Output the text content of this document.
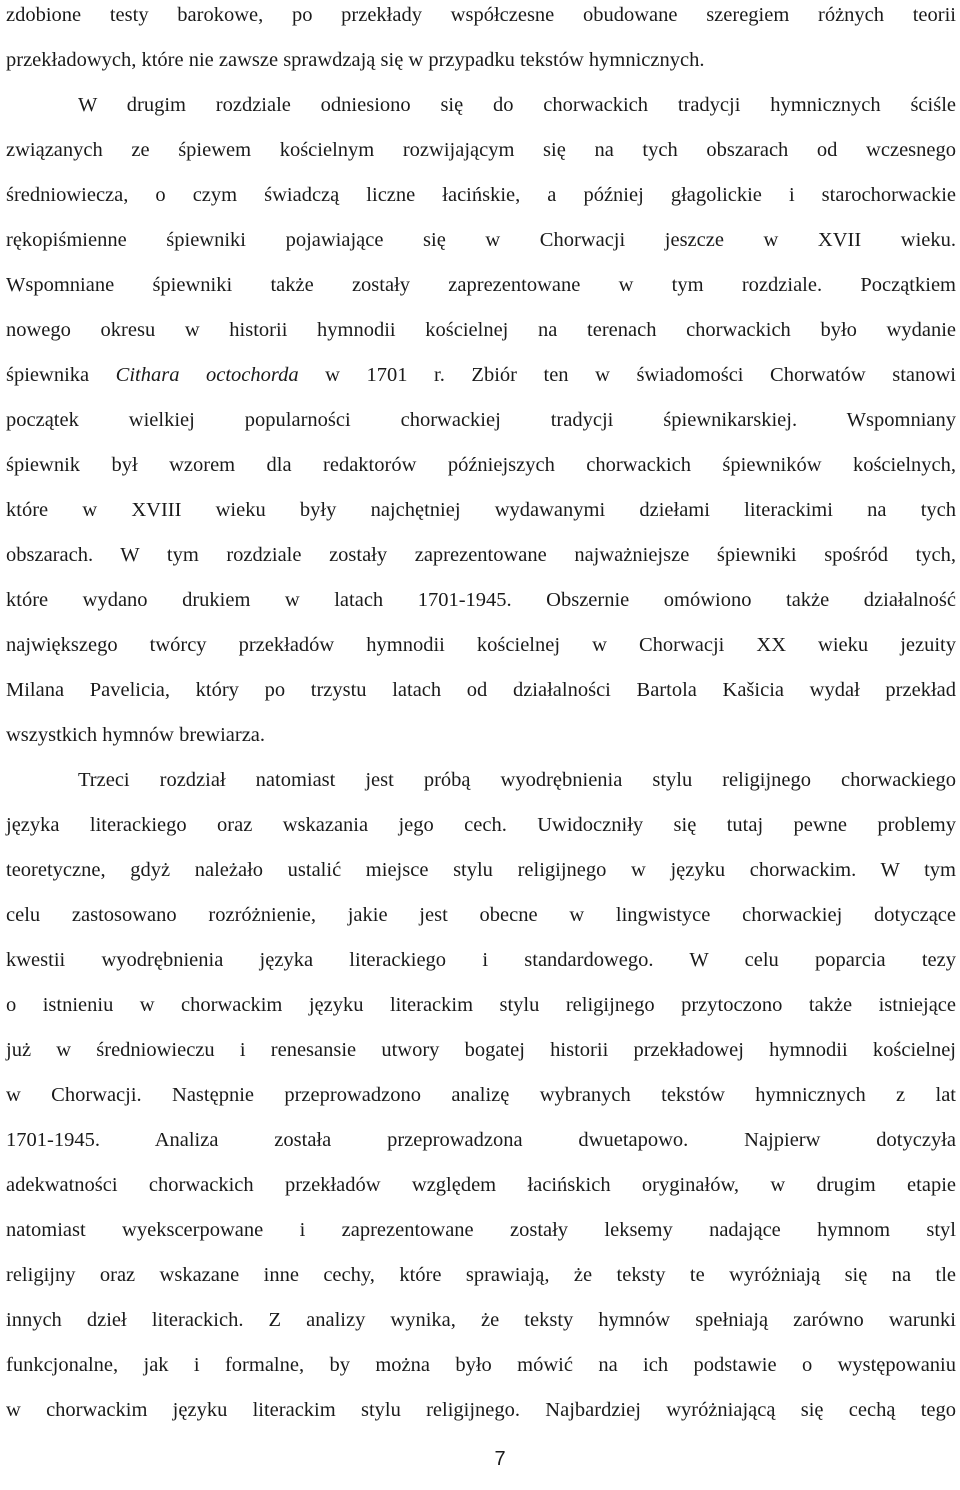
zdobione testy barokowe, po przekłady współczesne obudowane szeregiem różnych teorii
przekładowych, które nie zawsze sprawdzają się w przypadku tekstów hymnicznych.
W drugim rozdziale odniesiono się do chorwackich tradycji hymnicznych ściśle
związanych ze śpiewem kościelnym rozwijającym się na tych obszarach od wczesnego
średniowiecza, o czym świadczą liczne łacińskie, a później głagolickie i starochorwackie
rękopiśmienne śpiewniki pojawiające się w Chorwacji jeszcze w XVII wieku.
Wspomniane śpiewniki także zostały zaprezentowane w tym rozdziale. Początkiem
nowego okresu w historii hymnodii kościelnej na terenach chorwackich było wydanie
śpiewnika Cithara octochorda w 1701 r. Zbiór ten w świadomości Chorwatów stanowi
początek wielkiej popularności chorwackiej tradycji śpiewnikarskiej. Wspomniany
śpiewnik był wzorem dla redaktorów późniejszych chorwackich śpiewników kościelnych,
które w XVIII wieku były najchętniej wydawanymi dziełami literackimi na tych
obszarach. W tym rozdziale zostały zaprezentowane najważniejsze śpiewniki spośród tych,
które wydano drukiem w latach 1701-1945. Obszernie omówiono także działalność
największego twórcy przekładów hymnodii kościelnej w Chorwacji XX wieku jezuity
Milana Pavelicia, który po trzystu latach od działalności Bartola Kašicia wydał przekład
wszystkich hymnów brewiarza.
Trzeci rozdział natomiast jest próbą wyodrębnienia stylu religijnego chorwackiego
języka literackiego oraz wskazania jego cech. Uwidoczniły się tutaj pewne problemy
teoretyczne, gdyż należało ustalić miejsce stylu religijnego w języku chorwackim. W tym
celu zastosowano rozróżnienie, jakie jest obecne w lingwistyce chorwackiej dotyczące
kwestii wyodrębnienia języka literackiego i standardowego. W celu poparcia tezy
o istnieniu w chorwackim języku literackim stylu religijnego przytoczono także istniejące
już w średniowieczu i renesansie utwory bogatej historii przekładowej hymnodii kościelnej
w Chorwacji. Następnie przeprowadzono analizę wybranych tekstów hymnicznych z lat
1701-1945. Analiza została przeprowadzona dwuetapowo. Najpierw dotyczyła
adekwatności chorwackich przekładów względem łacińskich oryginałów, w drugim etapie
natomiast wyekscerpowane i zaprezentowane zostały leksemy nadające hymnom styl
religijny oraz wskazane inne cechy, które sprawiają, że teksty te wyróżniają się na tle
innych dzieł literackich. Z analizy wynika, że teksty hymnów spełniają zarówno warunki
funkcjonalne, jak i formalne, by można było mówić na ich podstawie o występowaniu
w chorwackim języku literackim stylu religijnego. Najbardziej wyróżniającą się cechą tego
7
